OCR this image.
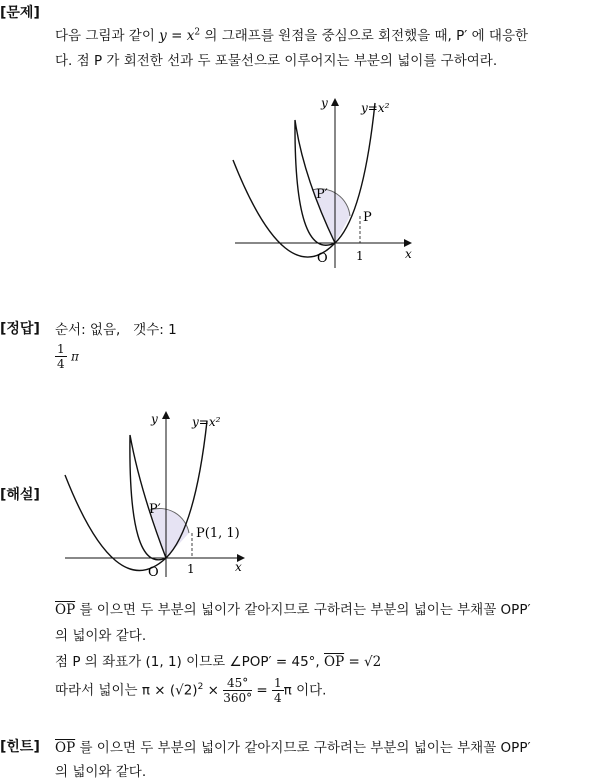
[문제]
다음 그림과 같이 $y = x^2$ 의 그래프를 원점을 중심으로 회전했을 때, P′ 에 대응한
다. 점 P 가 회전한 선과 두 포물선으로 이루어지는 부분의 넓이를 구하여라.
y	y=x²
x
P′
P
O 1
[정답] 순서: 없음, 갯수: 1
$\frac{1}{4}$ π
[해설]
y	y=x²
x
P′
P(1, 1)
O 1
$\overline{OP}$ 를 이으면 두 부분의 넓이가 같아지므로 구하려는 부분의 넓이는 부채꼴 OPP′
의 넓이와 같다.
점 P 의 좌표가 (1, 1) 이므로 ∠POP′ = 45°, $\overline{OP} = √2$
따라서 넓이는 $\pi \times (√2)^2 \times \frac{45^\circ}{360^\circ} = \frac{1}{4}$ π 이다.
[힌트] $\overline{OP}$ 를 이으면 두 부분의 넓이가 같아지므로 구하려는 부분의 넓이는 부채꼴 OPP′
의 넓이와 같다.
